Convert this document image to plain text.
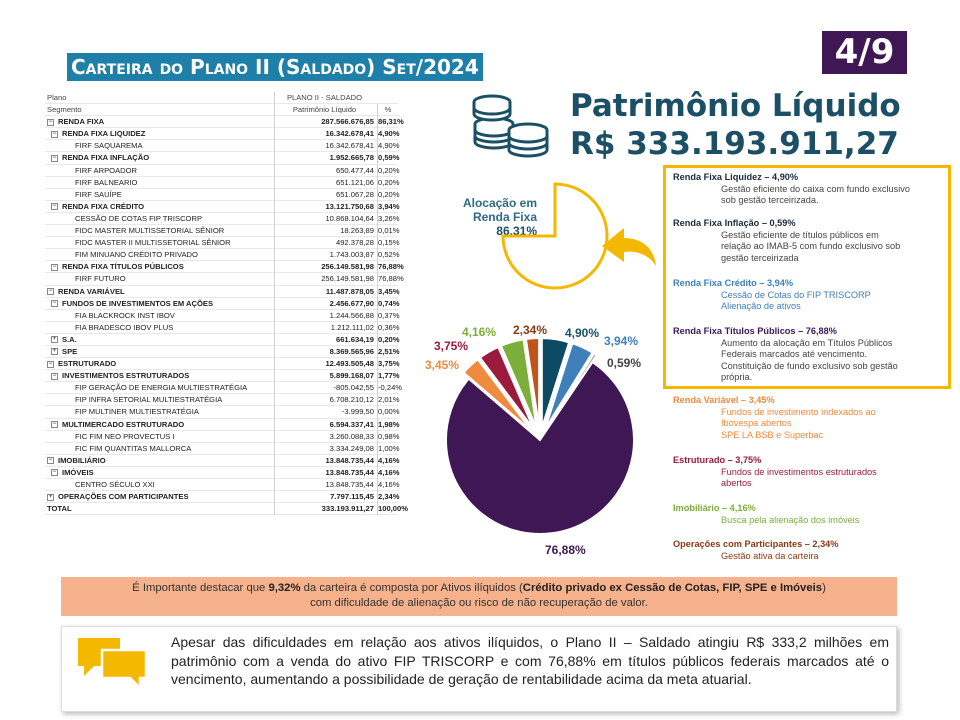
Carteira do Plano II (Saldado) Set/2024	4/9
Plano	PLANO II - SALDADO
Segmento	Patrimônio Líquido	%
− RENDA FIXA	287.566.676,85 86,31%
− RENDA FIXA LIQUIDEZ	16.342.678,41 4,90%
FIRF SAQUAREMA	16.342.678,41 4,90%
− RENDA FIXA INFLAÇÃO	1.952.665,78 0,59%
FIRF ARPOADOR	650.477,44 0,20%
FIRF BALNEARIO	651.121,06 0,20%
FIRF SAUÍPE	651.067,28 0,20%
− RENDA FIXA CRÉDITO	13.121.750,68 3,94%
CESSÃO DE COTAS FIP TRISCORP	10.868.104,64 3,26%
FIDC MASTER MULTISSETORIAL SÊNIOR	18.263,89 0,01%
FIDC MASTER II MULTISSETORIAL SÊNIOR	492.378,28 0,15%
FIM MINUANO CRÉDITO PRIVADO	1.743.003,87 0,52%
− RENDA FIXA TÍTULOS PÚBLICOS	256.149.581,98 76,88%
FIRF FUTURO	256.149.581,98 76,88%
− RENDA VARIÁVEL	11.487.878,05 3,45%
− FUNDOS DE INVESTIMENTOS EM AÇÕES	2.456.677,90 0,74%
FIA BLACKROCK INST IBOV	1.244.566,88 0,37%
FIA BRADESCO IBOV PLUS	1.212.111,02 0,36%
+ S.A.	661.634,19 0,20%
+ SPE	8.369.565,96 2,51%
− ESTRUTURADO	12.493.505,48 3,75%
− INVESTIMENTOS ESTRUTURADOS	5.899.168,07 1,77%
FIP GERAÇÃO DE ENERGIA MULTIESTRATÉGIA	-805.042,55 -0,24%
FIP INFRA SETORIAL MULTIESTRATÉGIA	6.708.210,12 2,01%
FIP MULTINER MULTIESTRATÉGIA	-3.999,50 0,00%
− MULTIMERCADO ESTRUTURADO	6.594.337,41 1,98%
FIC FIM NEO PROVECTUS I	3.260.088,33 0,98%
FIC FIM QUANTITAS MALLORCA	3.334.249,08 1,00%
− IMOBILIÁRIO	13.848.735,44 4,16%
− IMÓVEIS	13.848.735,44 4,16%
CENTRO SÉCULO XXI	13.848.735,44 4,16%
+ OPERAÇÕES COM PARTICIPANTES	7.797.115,45 2,34%
TOTAL	333.193.911,27 100,00%
Patrimônio Líquido
R$ 333.193.911,27
Alocação em Renda Fixa
86,31%
4,90%
3,94%
0,59%
76,88%
3,45%
3,75%
4,16% 2,34%
Renda Fixa Liquidez – 4,90%
Gestão eficiente do caixa com fundo exclusivo
sob gestão terceirizada.
Renda Fixa Inflação – 0,59%
Gestão eficiente de títulos públicos em
relação ao IMAB-5 com fundo exclusivo sob
gestão terceirizada
Renda Fixa Crédito – 3,94%
Cessão de Cotas do FIP TRISCORP
Alienação de ativos
Renda Fixa Títulos Públicos – 76,88%
Aumento da alocação em Títulos Públicos
Federais marcados até vencimento.
Constituição de fundo exclusivo sob gestão
própria.
Renda Variável – 3,45%
Fundos de investimento indexados ao
Ibovespa abertos
SPE LA BSB e Superbac
Estruturado – 3,75%
Fundos de investimentos estruturados
abertos
Imobiliário – 4,16%
Busca pela alienação dos imóveis
Operações com Participantes – 2,34%
Gestão ativa da carteira
É Importante destacar que 9,32% da carteira é composta por Ativos ilíquidos (Crédito privado ex Cessão de Cotas, FIP, SPE e Imóveis)
com dificuldade de alienação ou risco de não recuperação de valor.
Apesar das dificuldades em relação aos ativos ilíquidos, o Plano II – Saldado atingiu R$ 333,2 milhões em patrimônio com a venda do ativo FIP TRISCORP e com 76,88% em títulos públicos federais marcados até o vencimento, aumentando a possibilidade de geração de rentabilidade acima da meta atuarial.
